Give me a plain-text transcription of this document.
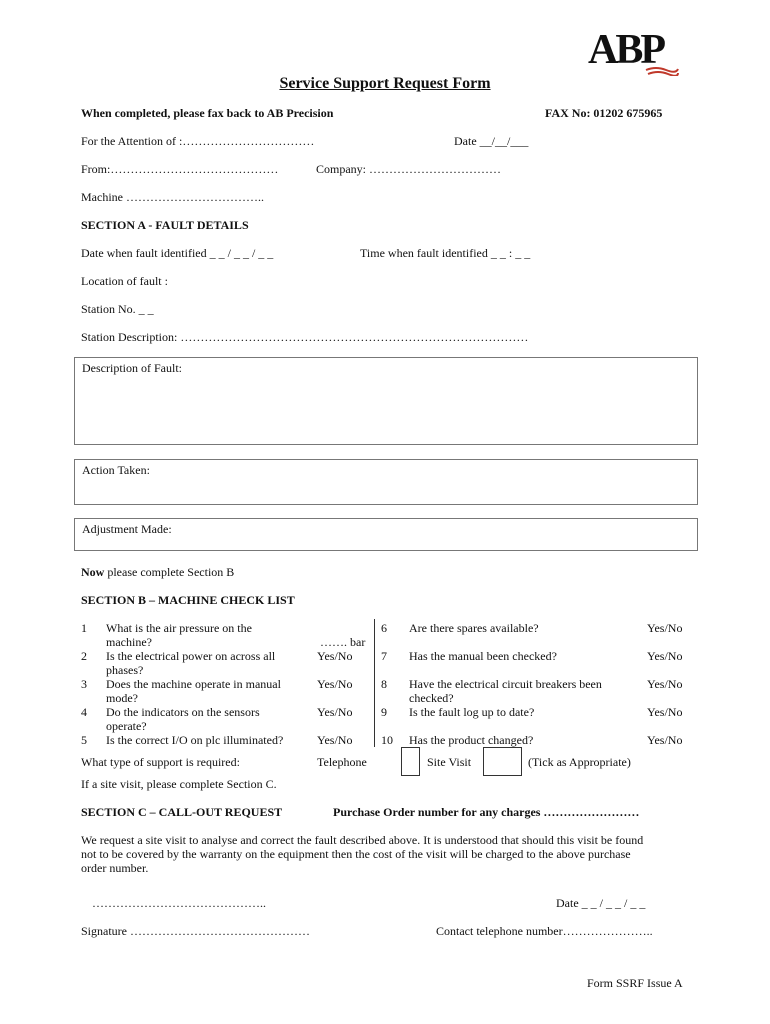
ABP
Service Support Request Form
When completed, please fax back to AB Precision	FAX No: 01202 675965
For the Attention of :……………………………	Date __/__/___
From:……………………………………	Company: ……………………………
Machine ……………………………..
SECTION A - FAULT DETAILS
Date when fault identified _ _ / _ _ / _ _	Time when fault identified _ _ : _ _
Location of fault :
Station No. _ _
Station Description: ……………………………………………………………………………
Description of Fault:
Action Taken:
Adjustment Made:
Now please complete Section B
SECTION B – MACHINE CHECK LIST
1 What is the air pressure on the
machine?	……. bar
2 Is the electrical power on across all
phases?
Yes/No
3 Does the machine operate in manual
mode?
Yes/No
4 Do the indicators on the sensors
operate?
Yes/No
5 Is the correct I/O on plc illuminated?	Yes/No
6 Are there spares available?	Yes/No
7 Has the manual been checked?	Yes/No
8 Have the electrical circuit breakers been
checked?
Yes/No
9 Is the fault log up to date?	Yes/No
10 Has the product changed?	Yes/No
What type of support is required:	Telephone	Site Visit	(Tick as Appropriate)
If a site visit, please complete Section C.
SECTION C – CALL-OUT REQUEST	Purchase Order number for any charges ……………………
We request a site visit to analyse and correct the fault described above. It is understood that should this visit be found
not to be covered by the warranty on the equipment then the cost of the visit will be charged to the above purchase
order number.
……………………………………..	Date _ _ / _ _ / _ _
Signature ………………………………………	Contact telephone number…………………..
Form SSRF Issue A
